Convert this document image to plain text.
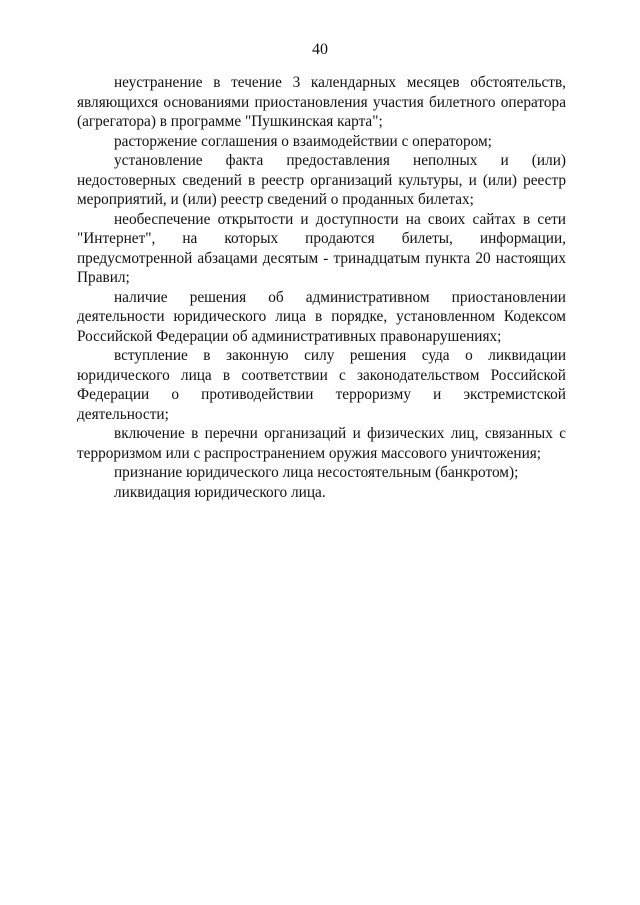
40

неустранение в течение 3 календарных месяцев обстоятельств, являющихся основаниями приостановления участия билетного оператора (агрегатора) в программе "Пушкинская карта";

расторжение соглашения о взаимодействии с оператором;

установление факта предоставления неполных и (или) недостоверных сведений в реестр организаций культуры, и (или) реестр мероприятий, и (или) реестр сведений о проданных билетах;

необеспечение открытости и доступности на своих сайтах в сети "Интернет", на которых продаются билеты, информации, предусмотренной абзацами десятым - тринадцатым пункта 20 настоящих Правил;

наличие решения об административном приостановлении деятельности юридического лица в порядке, установленном Кодексом Российской Федерации об административных правонарушениях;

вступление в законную силу решения суда о ликвидации юридического лица в соответствии с законодательством Российской Федерации о противодействии терроризму и экстремистской деятельности;

включение в перечни организаций и физических лиц, связанных с терроризмом или с распространением оружия массового уничтожения;

признание юридического лица несостоятельным (банкротом);

ликвидация юридического лица.
